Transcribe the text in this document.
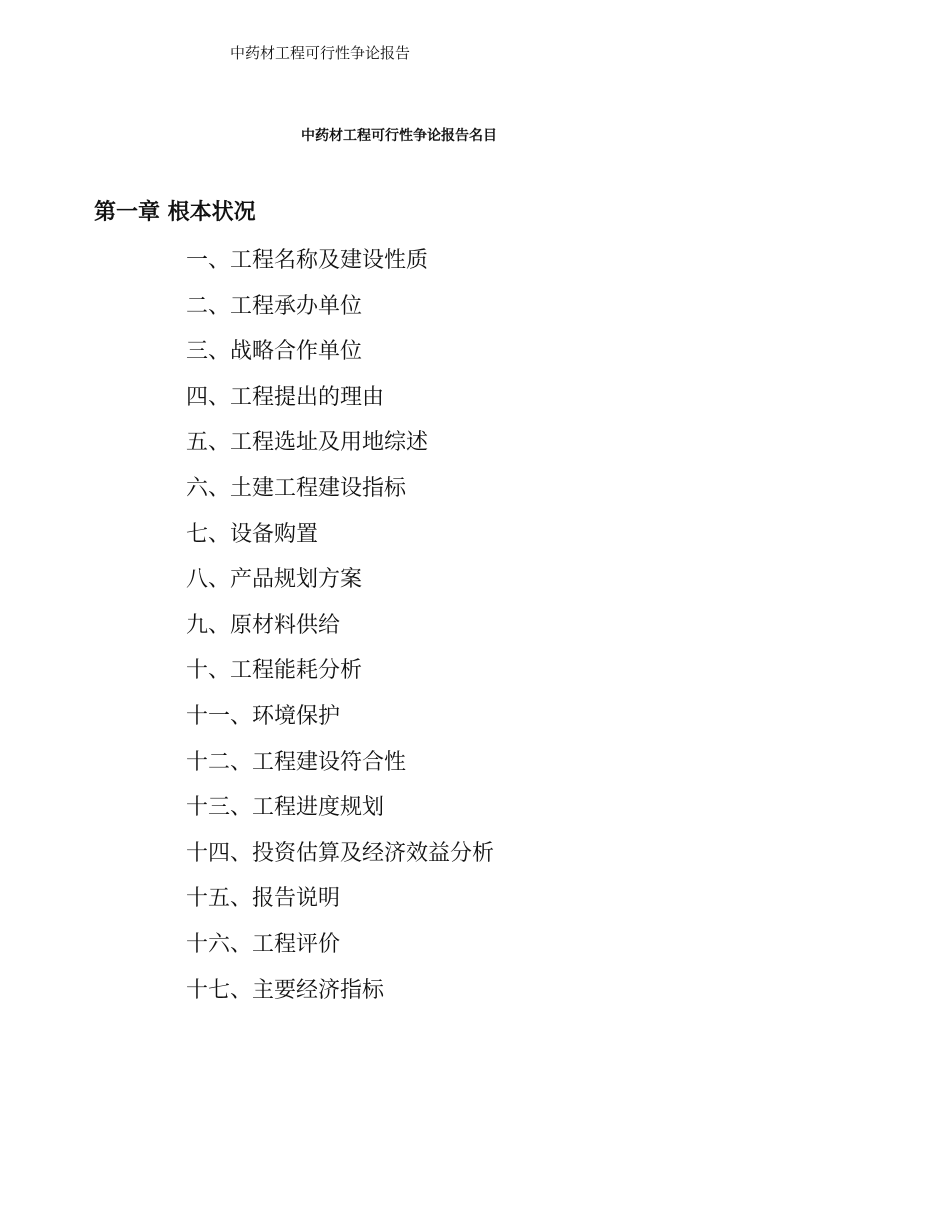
中药材工程可行性争论报告
中药材工程可行性争论报告名目
第一章 根本状况
一、工程名称及建设性质
二、工程承办单位
三、战略合作单位
四、工程提出的理由
五、工程选址及用地综述
六、土建工程建设指标
七、设备购置
八、产品规划方案
九、原材料供给
十、工程能耗分析
十一、环境保护
十二、工程建设符合性
十三、工程进度规划
十四、投资估算及经济效益分析
十五、报告说明
十六、工程评价
十七、主要经济指标
